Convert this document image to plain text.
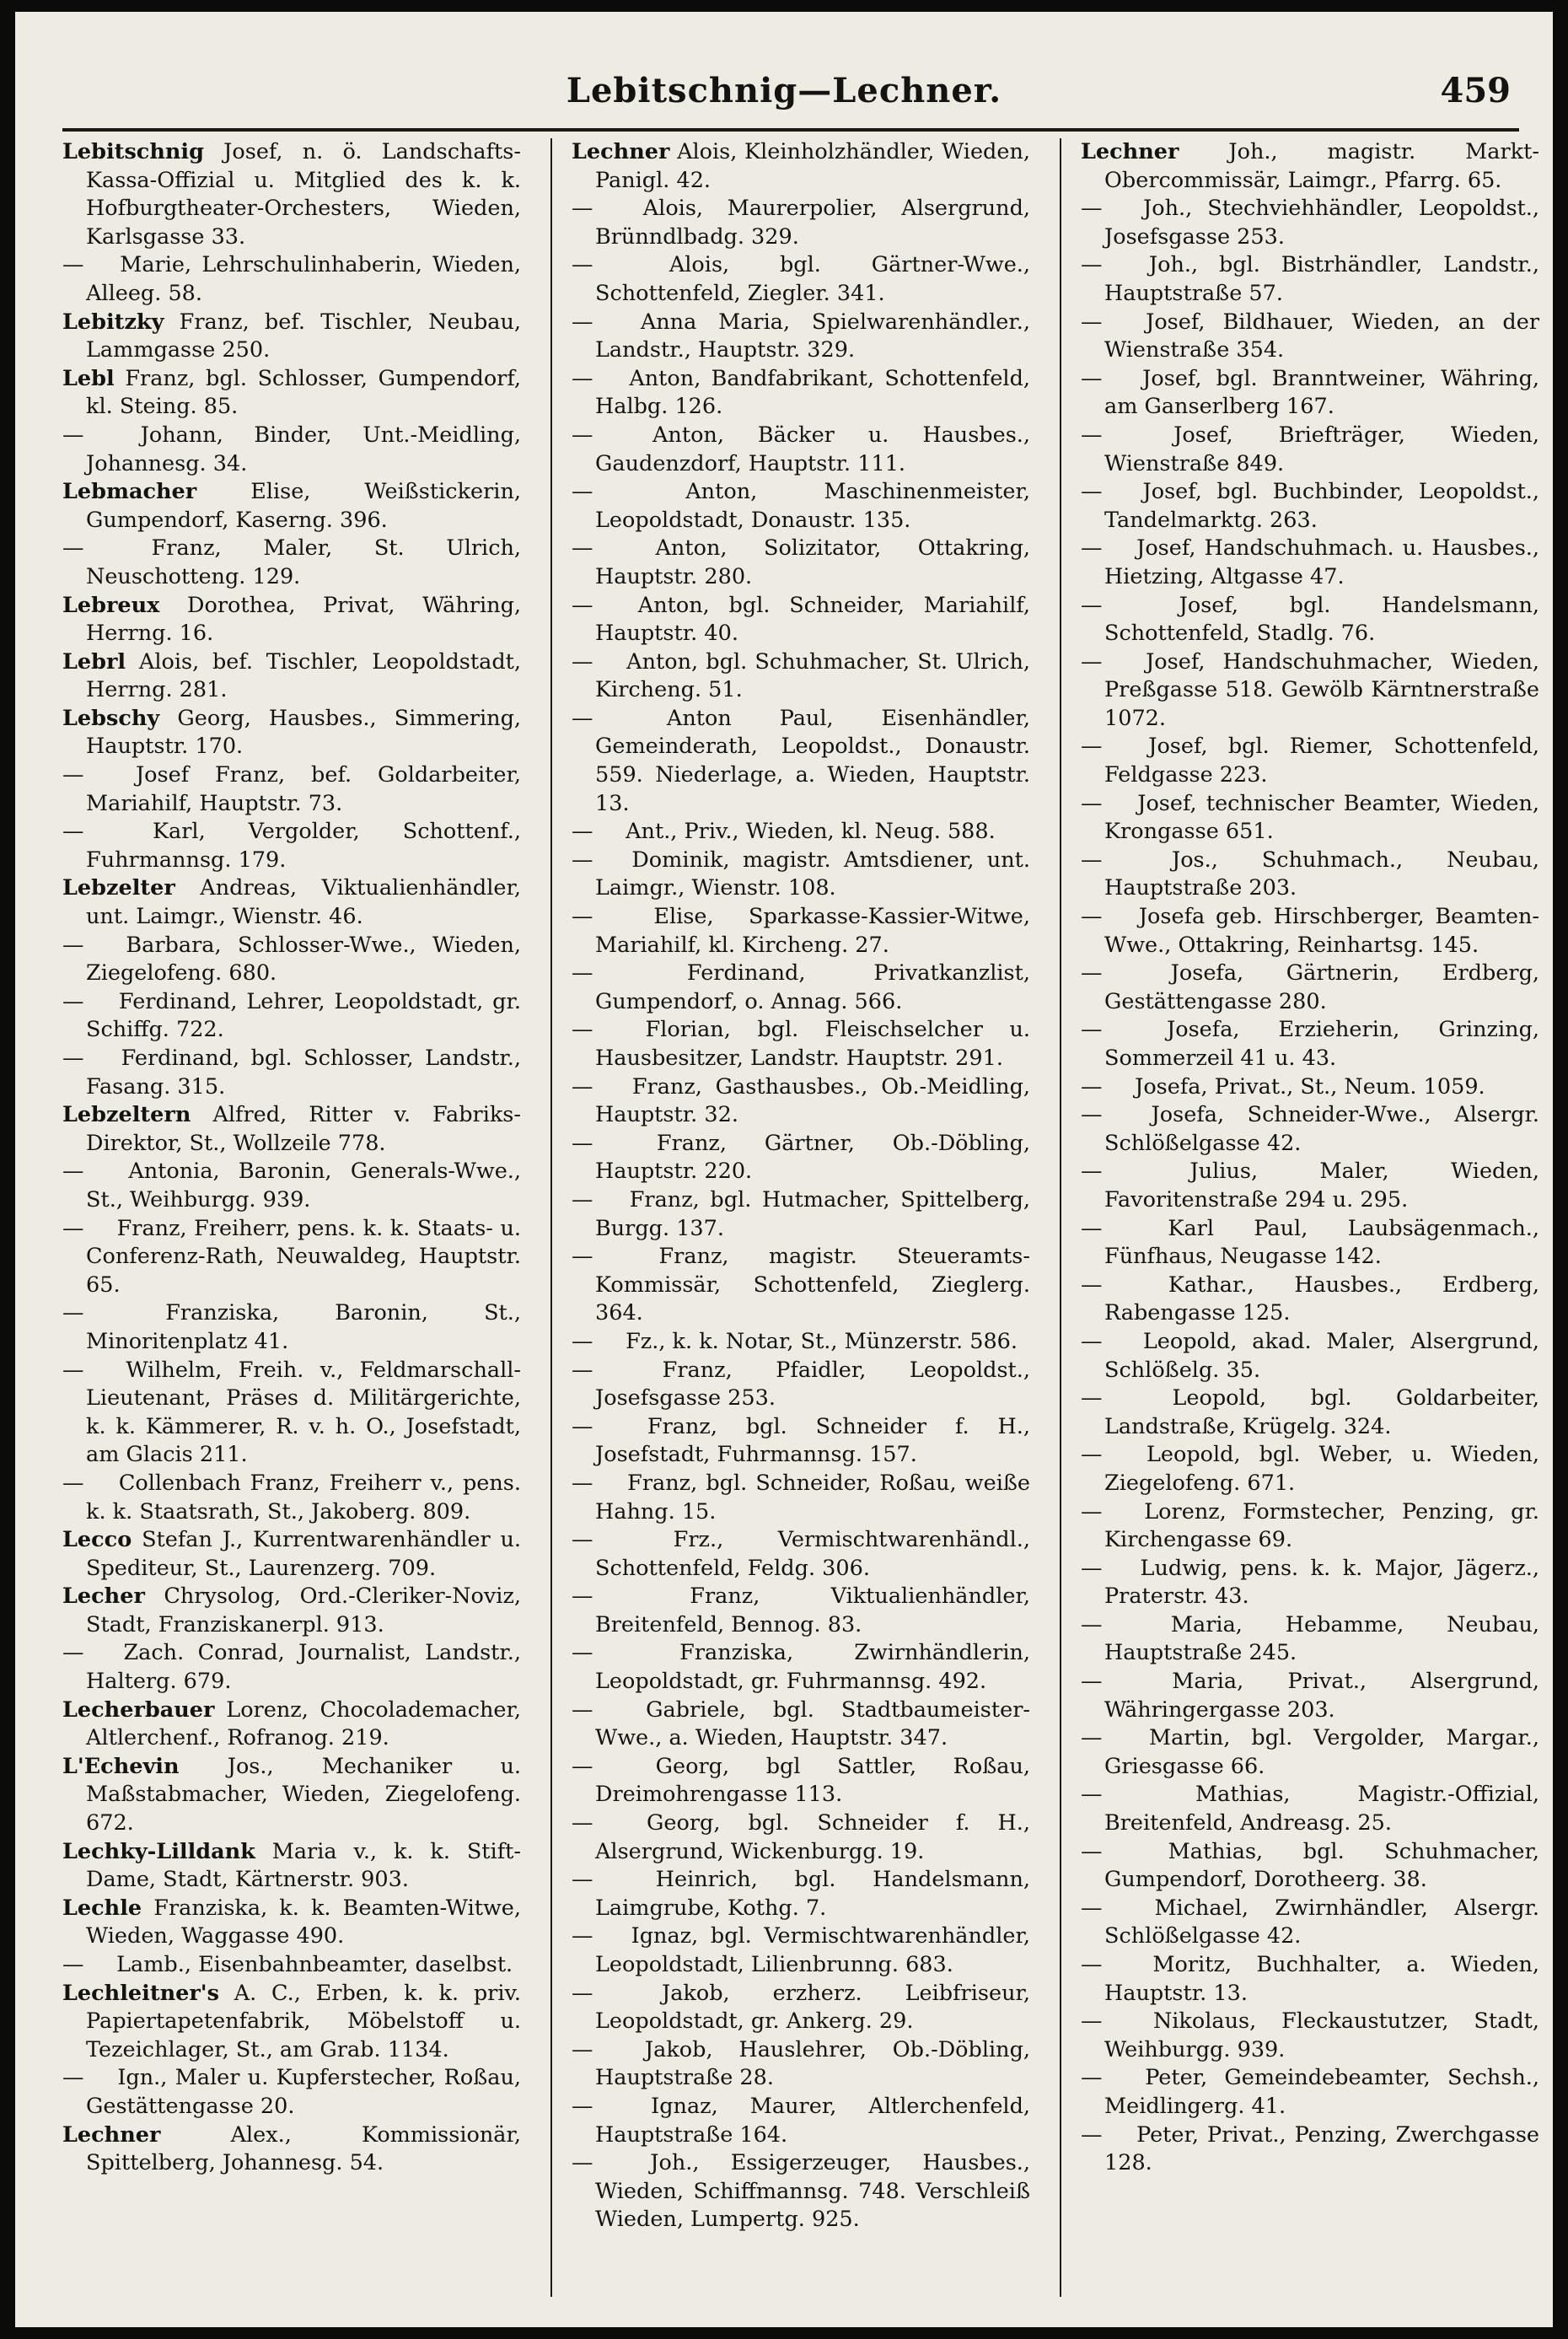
Lebitschnig—Lechner.	459
Lebitschnig Josef, n. ö. Landschafts-Kassa-Offizial u. Mitglied des k. k. Hofburgtheater-Orchesters, Wieden, Karlsgasse 33.
— Marie, Lehrschulinhaberin, Wieden, Alleeg. 58.
Lebitzky Franz, bef. Tischler, Neubau, Lammgasse 250.
Lebl Franz, bgl. Schlosser, Gumpendorf, kl. Steing. 85.
—	Johann, Binder, Unt.-Meidling, Johannesg. 34.
Lebmacher	Elise, Weißstickerin, Gumpendorf, Kaserng. 396.
—	Franz, Maler, St. Ulrich, Neuschotteng. 129.
Lebreux Dorothea, Privat, Währing, Herrng. 16.
Lebrl Alois, bef. Tischler, Leopoldstadt, Herrng. 281.
Lebschy Georg, Hausbes., Simmering, Hauptstr. 170.
— Josef Franz, bef. Goldarbeiter, Mariahilf, Hauptstr. 73.
—	Karl, Vergolder, Schottenf., Fuhrmannsg. 179.
Lebzelter Andreas, Viktualienhändler, unt. Laimgr., Wienstr. 46.
— Barbara, Schlosser-Wwe., Wieden, Ziegelofeng. 680.
— Ferdinand, Lehrer, Leopoldstadt, gr. Schiffg. 722.
— Ferdinand, bgl. Schlosser, Landstr., Fasang. 315.
Lebzeltern Alfred, Ritter v. Fabriks-Direktor, St., Wollzeile 778.
— Antonia, Baronin, Generals-Wwe., St., Weihburgg. 939.
— Franz, Freiherr, pens. k. k. Staats- u. Conferenz-Rath, Neuwaldeg, Hauptstr. 65.
—	Franziska, Baronin, St., Minoritenplatz 41.
— Wilhelm, Freih. v., Feldmarschall-Lieutenant, Präses d. Militärgerichte, k. k. Kämmerer, R. v. h. O., Josefstadt, am Glacis 211.
— Collenbach Franz, Freiherr v., pens. k. k. Staatsrath, St., Jakoberg. 809.
Lecco Stefan J., Kurrentwarenhändler u. Spediteur, St., Laurenzerg. 709.
Lecher Chrysolog, Ord.-Cleriker-Noviz, Stadt, Franziskanerpl. 913.
— Zach. Conrad, Journalist, Landstr., Halterg. 679.
Lecherbauer Lorenz, Chocolademacher, Altlerchenf., Rofranog. 219.
L'Echevin Jos., Mechaniker u. Maßstabmacher, Wieden, Ziegelofeng. 672.
Lechky-Lilldank Maria v., k. k. Stift-Dame, Stadt, Kärtnerstr. 903.
Lechle Franziska, k. k. Beamten-Witwe, Wieden, Waggasse 490.
— Lamb., Eisenbahnbeamter, daselbst.
Lechleitner's A. C., Erben, k. k. priv. Papiertapetenfabrik, Möbelstoff u. Tezeichlager, St., am Grab. 1134.
— Ign., Maler u. Kupferstecher, Roßau, Gestättengasse 20.
Lechner	Alex., Kommissionär, Spittelberg, Johannesg. 54.
Lechner Alois, Kleinholzhändler, Wieden, Panigl. 42.
— Alois, Maurerpolier, Alsergrund, Brünndlbadg. 329.
—	Alois, bgl. Gärtner-Wwe., Schottenfeld, Ziegler. 341.
— Anna Maria, Spielwarenhändler., Landstr., Hauptstr. 329.
— Anton, Bandfabrikant, Schottenfeld, Halbg. 126.
—	Anton, Bäcker u. Hausbes., Gaudenzdorf, Hauptstr. 111.
—	Anton, Maschinenmeister, Leopoldstadt, Donaustr. 135.
—	Anton, Solizitator, Ottakring, Hauptstr. 280.
— Anton, bgl. Schneider, Mariahilf, Hauptstr. 40.
— Anton, bgl. Schuhmacher, St. Ulrich, Kircheng. 51.
—	Anton Paul, Eisenhändler, Gemeinderath, Leopoldst., Donaustr. 559. Niederlage, a. Wieden, Hauptstr. 13.
— Ant., Priv., Wieden, kl. Neug. 588.
— Dominik, magistr. Amtsdiener, unt. Laimgr., Wienstr. 108.
—	Elise, Sparkasse-Kassier-Witwe, Mariahilf, kl. Kircheng. 27.
—	Ferdinand, Privatkanzlist, Gumpendorf, o. Annag. 566.
— Florian, bgl. Fleischselcher u. Hausbesitzer, Landstr. Hauptstr. 291.
— Franz, Gasthausbes., Ob.-Meidling, Hauptstr. 32.
—	Franz, Gärtner, Ob.-Döbling, Hauptstr. 220.
— Franz, bgl. Hutmacher, Spittelberg, Burgg. 137.
—	Franz, magistr. Steueramts-Kommissär, Schottenfeld, Zieglerg. 364.
— Fz., k. k. Notar, St., Münzerstr. 586.
—	Franz, Pfaidler, Leopoldst., Josefsgasse 253.
—	Franz, bgl. Schneider f. H., Josefstadt, Fuhrmannsg. 157.
— Franz, bgl. Schneider, Roßau, weiße Hahng. 15.
—	Frz., Vermischtwarenhändl., Schottenfeld, Feldg. 306.
—	Franz, Viktualienhändler, Breitenfeld, Bennog. 83.
—	Franziska, Zwirnhändlerin, Leopoldstadt, gr. Fuhrmannsg. 492.
— Gabriele, bgl. Stadtbaumeister-Wwe., a. Wieden, Hauptstr. 347.
—	Georg, bgl Sattler, Roßau, Dreimohrengasse 113.
— Georg, bgl. Schneider f. H., Alsergrund, Wickenburgg. 19.
—	Heinrich, bgl. Handelsmann, Laimgrube, Kothg. 7.
— Ignaz, bgl. Vermischtwarenhändler, Leopoldstadt, Lilienbrunng. 683.
—	Jakob, erzherz. Leibfriseur, Leopoldstadt, gr. Ankerg. 29.
— Jakob, Hauslehrer, Ob.-Döbling, Hauptstraße 28.
—	Ignaz, Maurer, Altlerchenfeld, Hauptstraße 164.
—	Joh., Essigerzeuger, Hausbes., Wieden, Schiffmannsg. 748. Verschleiß Wieden, Lumpertg. 925.
Lechner Joh., magistr. Markt-Obercommissär, Laimgr., Pfarrg. 65.
— Joh., Stechviehhändler, Leopoldst., Josefsgasse 253.
— Joh., bgl. Bistrhändler, Landstr., Hauptstraße 57.
— Josef, Bildhauer, Wieden, an der Wienstraße 354.
— Josef, bgl. Branntweiner, Währing, am Ganserlberg 167.
—	Josef, Briefträger, Wieden, Wienstraße 849.
— Josef, bgl. Buchbinder, Leopoldst., Tandelmarktg. 263.
— Josef, Handschuhmach. u. Hausbes., Hietzing, Altgasse 47.
—	Josef, bgl. Handelsmann, Schottenfeld, Stadlg. 76.
— Josef, Handschuhmacher, Wieden, Preßgasse 518. Gewölb Kärntnerstraße 1072.
— Josef, bgl. Riemer, Schottenfeld, Feldgasse 223.
— Josef, technischer Beamter, Wieden, Krongasse 651.
—	Jos., Schuhmach., Neubau, Hauptstraße 203.
— Josefa geb. Hirschberger, Beamten-Wwe., Ottakring, Reinhartsg. 145.
—	Josefa, Gärtnerin, Erdberg, Gestättengasse 280.
—	Josefa, Erzieherin, Grinzing, Sommerzeil 41 u. 43.
— Josefa, Privat., St., Neum. 1059.
— Josefa, Schneider-Wwe., Alsergr. Schlößelgasse 42.
—	Julius, Maler, Wieden, Favoritenstraße 294 u. 295.
—	Karl Paul, Laubsägenmach., Fünfhaus, Neugasse 142.
—	Kathar., Hausbes., Erdberg, Rabengasse 125.
— Leopold, akad. Maler, Alsergrund, Schlößelg. 35.
—	Leopold, bgl. Goldarbeiter, Landstraße, Krügelg. 324.
— Leopold, bgl. Weber, u. Wieden, Ziegelofeng. 671.
— Lorenz, Formstecher, Penzing, gr. Kirchengasse 69.
— Ludwig, pens. k. k. Major, Jägerz., Praterstr. 43.
—	Maria, Hebamme, Neubau, Hauptstraße 245.
—	Maria, Privat., Alsergrund, Währingergasse 203.
— Martin, bgl. Vergolder, Margar., Griesgasse 66.
—	Mathias, Magistr.-Offizial, Breitenfeld, Andreasg. 25.
—	Mathias, bgl. Schuhmacher, Gumpendorf, Dorotheerg. 38.
— Michael, Zwirnhändler, Alsergr. Schlößelgasse 42.
— Moritz, Buchhalter, a. Wieden, Hauptstr. 13.
— Nikolaus, Fleckaustutzer, Stadt, Weihburgg. 939.
— Peter, Gemeindebeamter, Sechsh., Meidlingerg. 41.
— Peter, Privat., Penzing, Zwerchgasse 128.
